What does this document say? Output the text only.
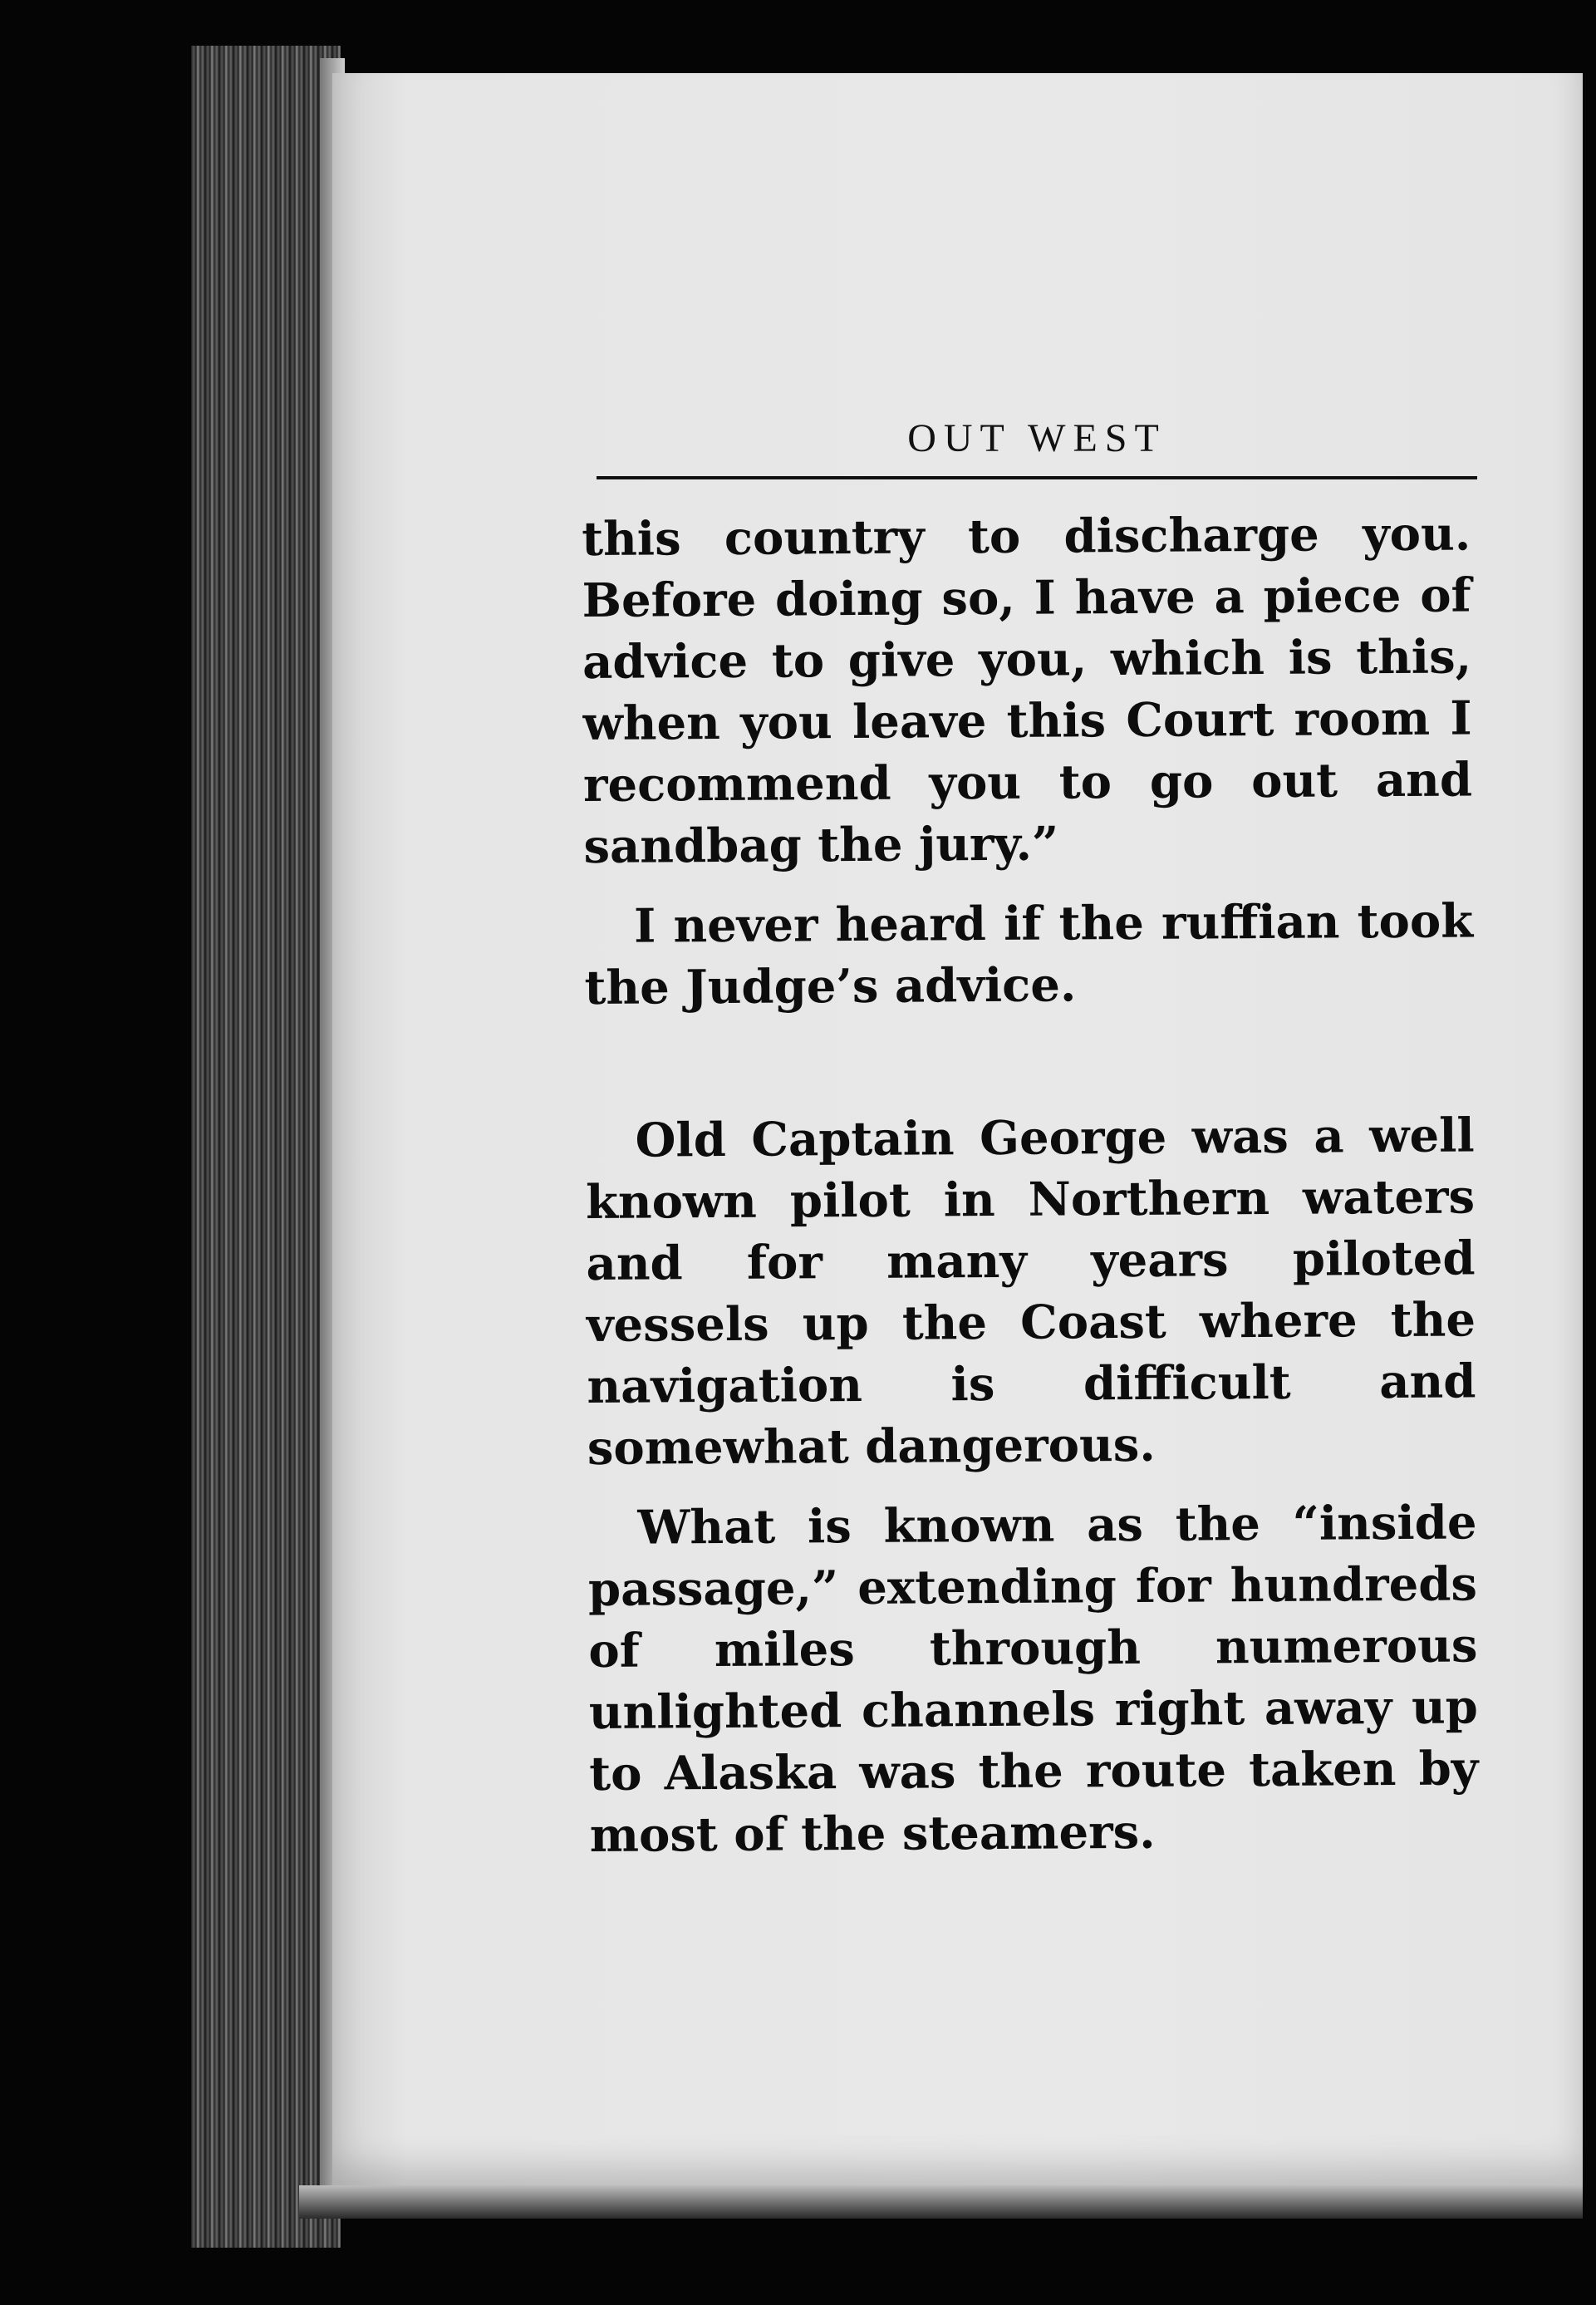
OUT WEST

this country to discharge you. Before doing so, I have a piece of advice to give you, which is this, when you leave this Court room I recommend you to go out and sandbag the jury.”

I never heard if the ruffian took the Judge’s advice.

Old Captain George was a well known pilot in Northern waters and for many years piloted vessels up the Coast where the navigation is difficult and somewhat dangerous.

What is known as the “inside passage,” extending for hundreds of miles through numerous unlighted channels right away up to Alaska was the route taken by most of the steamers.
